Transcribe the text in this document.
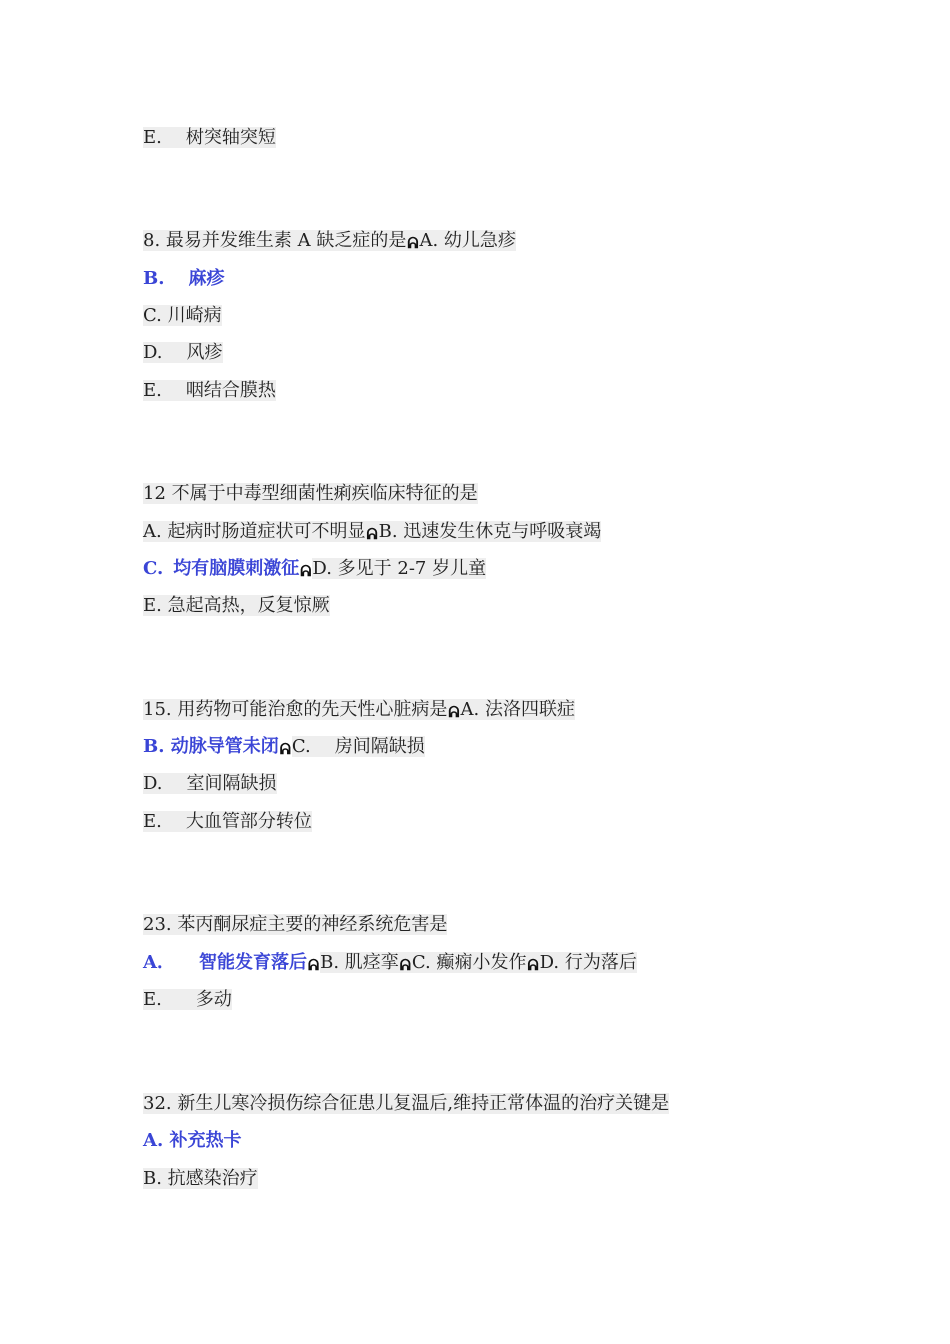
E. 树突轴突短
8. 最易并发维生素 A 缺乏症的是ᕱA. 幼儿急疹
B. 麻疹
C. 川崎病
D. 风疹
E. 咽结合膜热
12 不属于中毒型细菌性痢疾临床特征的是
A. 起病时肠道症状可不明显ᕱB. 迅速发生休克与呼吸衰竭
C. 均有脑膜刺激征ᕱD. 多见于 2-7 岁儿童
E. 急起高热，反复惊厥
15. 用药物可能治愈的先天性心脏病是ᕱA. 法洛四联症
B. 动脉导管未闭ᕱC. 房间隔缺损
D. 室间隔缺损
E. 大血管部分转位
23. 苯丙酮尿症主要的神经系统危害是
A． 智能发育落后ᕱB. 肌痉挛ᕱC. 癫痫小发作ᕱD. 行为落后
E. 多动
32. 新生儿寒冷损伤综合征患儿复温后,维持正常体温的治疗关键是
A. 补充热卡
B. 抗感染治疗
